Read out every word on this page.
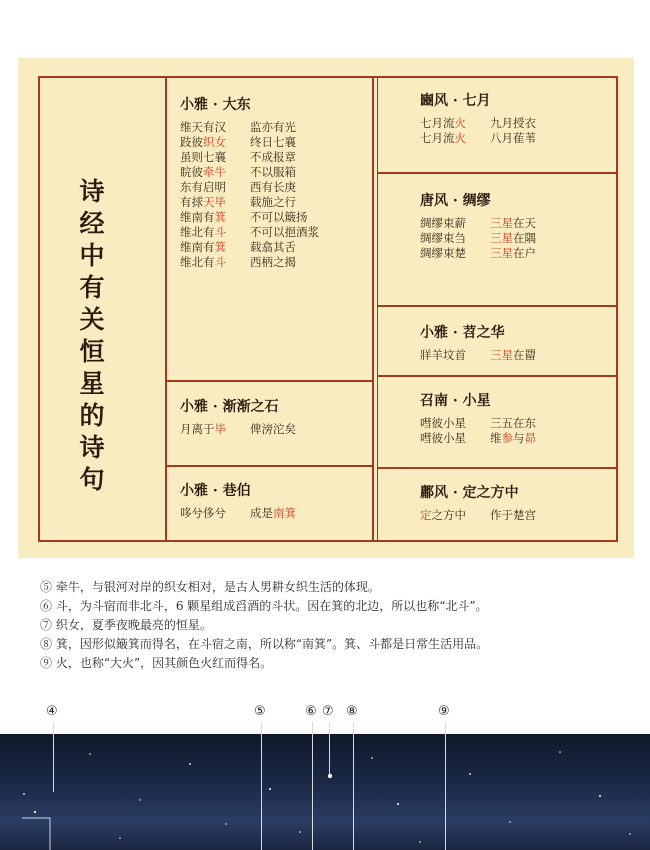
诗
经
中
有
关
恒
星
的
诗
句
小雅 · 大东
维天有汉	监亦有光
跂彼织女	终日七襄
虽则七襄	不成报章
睆彼牵牛	不以服箱
东有启明	西有长庚
有捄天毕	载施之行
维南有箕	不可以簸扬
维北有斗	不可以挹酒浆
维南有箕	载翕其舌
维北有斗	西柄之揭
小雅 · 渐渐之石
月离于毕	俾滂沱矣
小雅 · 巷伯
哆兮侈兮	成是南箕
豳风 · 七月
七月流火	九月授衣
七月流火	八月萑苇
唐风 · 绸缪
绸缪束薪	三星在天
绸缪束刍	三星在隅
绸缪束楚	三星在户
小雅 · 苕之华
牂羊坟首	三星在罶
召南 · 小星
嘒彼小星	三五在东
嘒彼小星	维参与昴
鄘风 · 定之方中
定之方中	作于楚宫
⑤ 牵牛，与银河对岸的织女相对，是古人男耕女织生活的体现。
⑥ 斗，为斗宿而非北斗，6 颗星组成舀酒的斗状。因在箕的北边，所以也称“北斗”。
⑦ 织女，夏季夜晚最亮的恒星。
⑧ 箕，因形似簸箕而得名，在斗宿之南，所以称“南箕”。箕、斗都是日常生活用品。
⑨ 火，也称“大火”，因其颜色火红而得名。
④	⑤	⑥ ⑦ ⑧	⑨
